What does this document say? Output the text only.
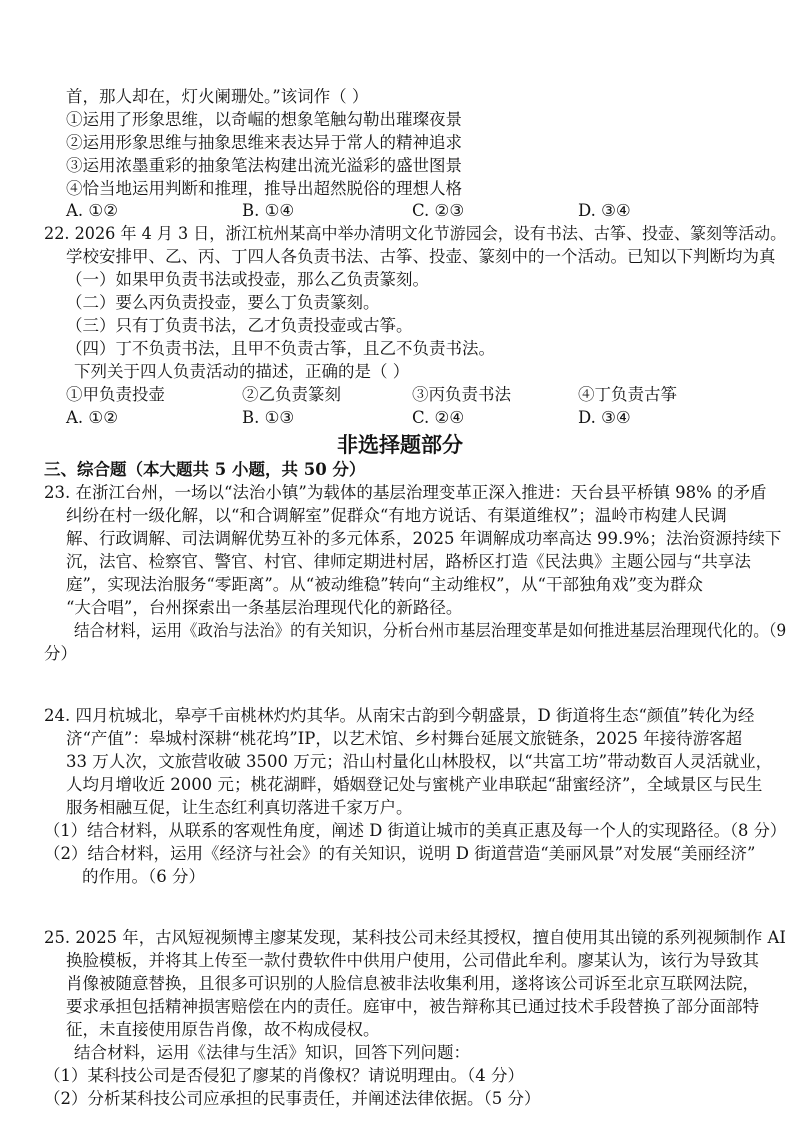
首，那人却在，灯火阑珊处。”该词作（ ）
①运用了形象思维，以奇崛的想象笔触勾勒出璀璨夜景
②运用形象思维与抽象思维来表达异于常人的精神追求
③运用浓墨重彩的抽象笔法构建出流光溢彩的盛世图景
④恰当地运用判断和推理，推导出超然脱俗的理想人格
A. ①②	B. ①④	C. ②③	D. ③④
22. 2026 年 4 月 3 日，浙江杭州某高中举办清明文化节游园会，设有书法、古筝、投壶、篆刻等活动。
学校安排甲、乙、丙、丁四人各负责书法、古筝、投壶、篆刻中的一个活动。已知以下判断均为真
（一）如果甲负责书法或投壶，那么乙负责篆刻。
（二）要么丙负责投壶，要么丁负责篆刻。
（三）只有丁负责书法，乙才负责投壶或古筝。
（四）丁不负责书法，且甲不负责古筝，且乙不负责书法。
下列关于四人负责活动的描述，正确的是（ ）
①甲负责投壶	②乙负责篆刻	③丙负责书法	④丁负责古筝
A. ①②	B. ①③	C. ②④	D. ③④
非选择题部分
三、综合题（本大题共 5 小题，共 50 分）
23. 在浙江台州，一场以“法治小镇”为载体的基层治理变革正深入推进：天台县平桥镇 98% 的矛盾
纠纷在村一级化解，以“和合调解室”促群众“有地方说话、有渠道维权”；温岭市构建人民调
解、行政调解、司法调解优势互补的多元体系，2025 年调解成功率高达 99.9%；法治资源持续下
沉，法官、检察官、警官、村官、律师定期进村居，路桥区打造《民法典》主题公园与“共享法
庭”，实现法治服务“零距离”。从“被动维稳”转向“主动维权”，从“干部独角戏”变为群众
“大合唱”，台州探索出一条基层治理现代化的新路径。
结合材料，运用《政治与法治》的有关知识，分析台州市基层治理变革是如何推进基层治理现代化的。（9
分）
24. 四月杭城北，皋亭千亩桃林灼灼其华。从南宋古韵到今朝盛景，D 街道将生态“颜值”转化为经
济“产值”：皋城村深耕“桃花坞”IP，以艺术馆、乡村舞台延展文旅链条，2025 年接待游客超
33 万人次，文旅营收破 3500 万元；沿山村量化山林股权，以“共富工坊”带动数百人灵活就业，
人均月增收近 2000 元；桃花湖畔，婚姻登记处与蜜桃产业串联起“甜蜜经济”，全域景区与民生
服务相融互促，让生态红利真切落进千家万户。
（1）结合材料，从联系的客观性角度，阐述 D 街道让城市的美真正惠及每一个人的实现路径。（8 分）
（2）结合材料，运用《经济与社会》的有关知识，说明 D 街道营造“美丽风景”对发展“美丽经济”
的作用。（6 分）
25. 2025 年，古风短视频博主廖某发现，某科技公司未经其授权，擅自使用其出镜的系列视频制作 AI
换脸模板，并将其上传至一款付费软件中供用户使用，公司借此牟利。廖某认为，该行为导致其
肖像被随意替换，且很多可识别的人脸信息被非法收集利用，遂将该公司诉至北京互联网法院，
要求承担包括精神损害赔偿在内的责任。庭审中，被告辩称其已通过技术手段替换了部分面部特
征，未直接使用原告肖像，故不构成侵权。
结合材料，运用《法律与生活》知识，回答下列问题：
（1）某科技公司是否侵犯了廖某的肖像权？请说明理由。（4 分）
（2）分析某科技公司应承担的民事责任，并阐述法律依据。（5 分）
